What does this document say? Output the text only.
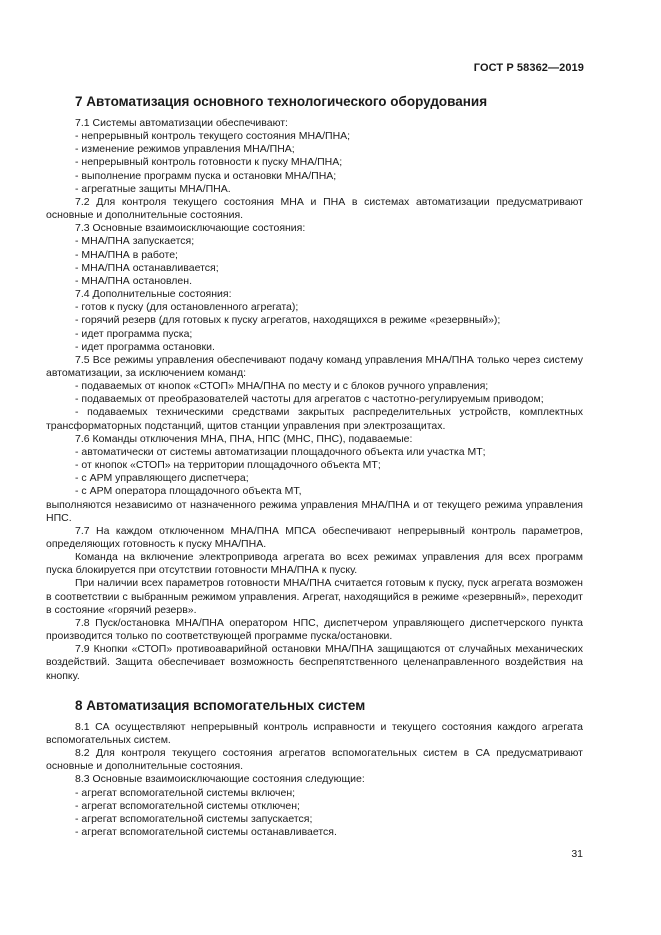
ГОСТ Р 58362—2019
7 Автоматизация основного технологического оборудования

7.1 Системы автоматизации обеспечивают:

- непрерывный контроль текущего состояния МНА/ПНА;

- изменение режимов управления МНА/ПНА;

- непрерывный контроль готовности к пуску МНА/ПНА;

- выполнение программ пуска и остановки МНА/ПНА;

- агрегатные защиты МНА/ПНА.

7.2 Для контроля текущего состояния МНА и ПНА в системах автоматизации предусматривают основные и дополнительные состояния.

7.3 Основные взаимоисключающие состояния:

- МНА/ПНА запускается;

- МНА/ПНА в работе;

- МНА/ПНА останавливается;

- МНА/ПНА остановлен.

7.4 Дополнительные состояния:

- готов к пуску (для остановленного агрегата);

- горячий резерв (для готовых к пуску агрегатов, находящихся в режиме «резервный»);

- идет программа пуска;

- идет программа остановки.

7.5 Все режимы управления обеспечивают подачу команд управления МНА/ПНА только через систему автоматизации, за исключением команд:

- подаваемых от кнопок «СТОП» МНА/ПНА по месту и с блоков ручного управления;

- подаваемых от преобразователей частоты для агрегатов с частотно-регулируемым приводом;

- подаваемых техническими средствами закрытых распределительных устройств, комплектных трансформаторных подстанций, щитов станции управления при электрозащитах.

7.6 Команды отключения МНА, ПНА, НПС (МНС, ПНС), подаваемые:

- автоматически от системы автоматизации площадочного объекта или участка МТ;

- от кнопок «СТОП» на территории площадочного объекта МТ;

- с АРМ управляющего диспетчера;

- с АРМ оператора площадочного объекта МТ,

выполняются независимо от назначенного режима управления МНА/ПНА и от текущего режима управления НПС.

7.7 На каждом отключенном МНА/ПНА МПСА обеспечивают непрерывный контроль параметров, определяющих готовность к пуску МНА/ПНА.

Команда на включение электропривода агрегата во всех режимах управления для всех программ пуска блокируется при отсутствии готовности МНА/ПНА к пуску.

При наличии всех параметров готовности МНА/ПНА считается готовым к пуску, пуск агрегата возможен в соответствии с выбранным режимом управления. Агрегат, находящийся в режиме «резервный», переходит в состояние «горячий резерв».

7.8 Пуск/остановка МНА/ПНА оператором НПС, диспетчером управляющего диспетчерского пункта производится только по соответствующей программе пуска/остановки.

7.9 Кнопки «СТОП» противоаварийной остановки МНА/ПНА защищаются от случайных механических воздействий. Защита обеспечивает возможность беспрепятственного целенаправленного воздействия на кнопку.

8 Автоматизация вспомогательных систем

8.1 СА осуществляют непрерывный контроль исправности и текущего состояния каждого агрегата вспомогательных систем.

8.2 Для контроля текущего состояния агрегатов вспомогательных систем в СА предусматривают основные и дополнительные состояния.

8.3 Основные взаимоисключающие состояния следующие:

- агрегат вспомогательной системы включен;

- агрегат вспомогательной системы отключен;

- агрегат вспомогательной системы запускается;

- агрегат вспомогательной системы останавливается.

31
